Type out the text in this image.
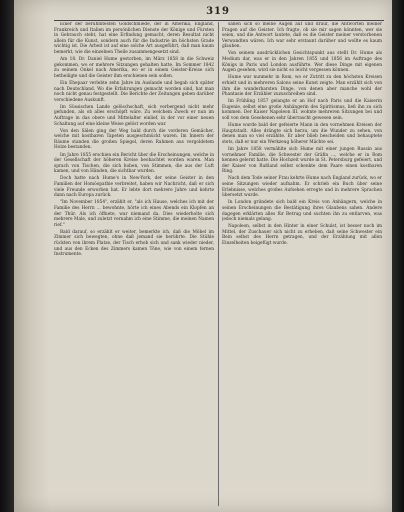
319

Einer der berühmtesten Goldschmiede, der in Amerika, England, Frankreich und Italien im persönlichen Dienste der Könige und Fürsten in Gebrauch steht, hat eine Erfindung gemacht, deren Resultat nicht allein für die Kunst, sondern auch für die Industrie im höchsten Grade wichtig ist. Die Arbeit ist auf eine solche Art ausgeführt, daß man kaum bemerkt, wie die einzelnen Theile zusammengesetzt sind.

Am 18. Dr. Daniel Hume gestorben, im März 1858 in die Schweiz gekommen, wo er mehrere Sitzungen gehalten hatte. Im Sommer 1842 zu seinem Onkel nach Amerika, wo er in einem Geister-Kreise sich betheiligte und die Geister ihm erschienen sein sollen.

Ein Ehepaar verlebte zehn Jahre im Auslande und begab sich später nach Deutschland. Wo die Erfahrungen gemacht worden sind, hat man noch nicht genau festgestellt. Die Berichte der Zeitungen geben darüber verschiedene Auskunft.

Im Süssischen Lande gelöschschaft, sich verbergend nicht mehr gefunden, als ob alles erschöpft wäre. Zu welchem Zweck er nun im Auftrage in das obere und Mittelalter einlief, in der vor einer neuen Schaltung auf eine kleine Weise gelöst worden war.

Von den Sälen ging der Weg bald durch die vorderen Gemächer, welche mit kostbaren Tapeten ausgeschmückt waren. Im Innern der Räume standen die großen Spiegel, deren Rahmen aus vergoldetem Holze bestanden.

Im Jahre 1855 erschien ein Bericht über die Erscheinungen, welche in der Gesellschaft der höheren Kreise beobachtet worden waren. Man sprach von Tischen, die sich hoben, von Stimmen, die aus der Luft kamen, und von Händen, die sichtbar wurden.

Doch hatte nach Hume's in New-York, der seine Geister in den Familien der Homöopathie verbreitet, haben wir Nachricht, daß er sich viele Freunde erworben hat. Er lebte dort mehrere Jahre und kehrte dann nach Europa zurück.

"Im November 1854", erzählt er, "als ich Hause, welches ich mit der Familie des Herrn ... bewohnte, hörte ich eines Abends ein Klopfen an der Thür. Als ich öffnete, war niemand da. Dies wiederholte sich mehrere Male, und zuletzt vernahm ich eine Stimme, die meinen Namen rief."

Bald darauf, so erzählt er weiter, bemerkte ich, daß die Möbel im Zimmer sich bewegten, ohne daß jemand sie berührte. Die Stühle rückten von ihrem Platze, der Tisch erhob sich und sank wieder nieder, und aus den Ecken des Zimmers kamen Töne, wie von einem fernen Instrumente.

sahen sich so meine Augen auf und drauf, die Antworten meiner Fragen auf die Geister. Ich fragte, ob sie mir sagen könnten, wer sie seien, und die Antwort lautete, daß es die Geister meiner verstorbenen Verwandten wären. Ich war sehr erstaunt darüber und wollte es kaum glauben.

Von seinem ausdrücklichen Gesichtspunkt aus stellt Dr. Hume als Medium dar, was er in den Jahren 1855 und 1856 im Auftrage des Königs in Paris und London ausführte. Wer diese Dinge mit eigenen Augen gesehen, wird sie nicht so leicht vergessen können.

Hume war nunmehr in Rom, wo er Zutritt zu den höchsten Kreisen erhielt und in mehreren Salons seine Kunst zeigte. Man erzählt sich von ihm die wunderbarsten Dinge, von denen aber manche wohl der Phantasie der Erzähler zuzuschreiben sind.

Im Frühling 1857 gelangte er an Hof nach Paris und die Kaiserin Eugenie, selbst eine große Anhängerin des Spiritismus, ließ ihn zu sich kommen. Der Kaiser Napoleon III. wohnte mehreren Sitzungen bei und soll von dem Gesehenen sehr überrascht gewesen sein.

Hume wurde bald der gefeierte Mann in den vornehmen Kreisen der Hauptstadt. Alles drängte sich herzu, um die Wunder zu sehen, von denen man so viel erzählte. Er aber blieb bescheiden und behauptete stets, daß er nur ein Werkzeug höherer Mächte sei.

Im Jahre 1858 vermählte sich Hume mit einer jungen Russin aus vornehmer Familie, die Schwester der Gräfin ..., welche er in Rom kennen gelernt hatte. Die Hochzeit wurde in St. Petersburg gefeiert, und der Kaiser von Rußland selbst schenkte dem Paare einen kostbaren Ring.

Nach dem Tode seiner Frau kehrte Hume nach England zurück, wo er seine Sitzungen wieder aufnahm. Er schrieb ein Buch über seine Erlebnisse, welches großes Aufsehen erregte und in mehrere Sprachen übersetzt wurde.

In London gründete sich bald ein Kreis von Anhängern, welche in seinen Erscheinungen die Bestätigung ihres Glaubens sahen. Andere dagegen erklärten alles für Betrug und suchten ihn zu entlarven, was jedoch niemals gelang.

Napoleon, selbst in den Hinter in einer Schulst, ist besser noch im Mittel, der Zuschauer sich nicht zu erheben, daß seine Schwester ein Bein selbst des Herrn getragen, und der Erzählung mit allen Einzelheiten beigefügt wurde.
